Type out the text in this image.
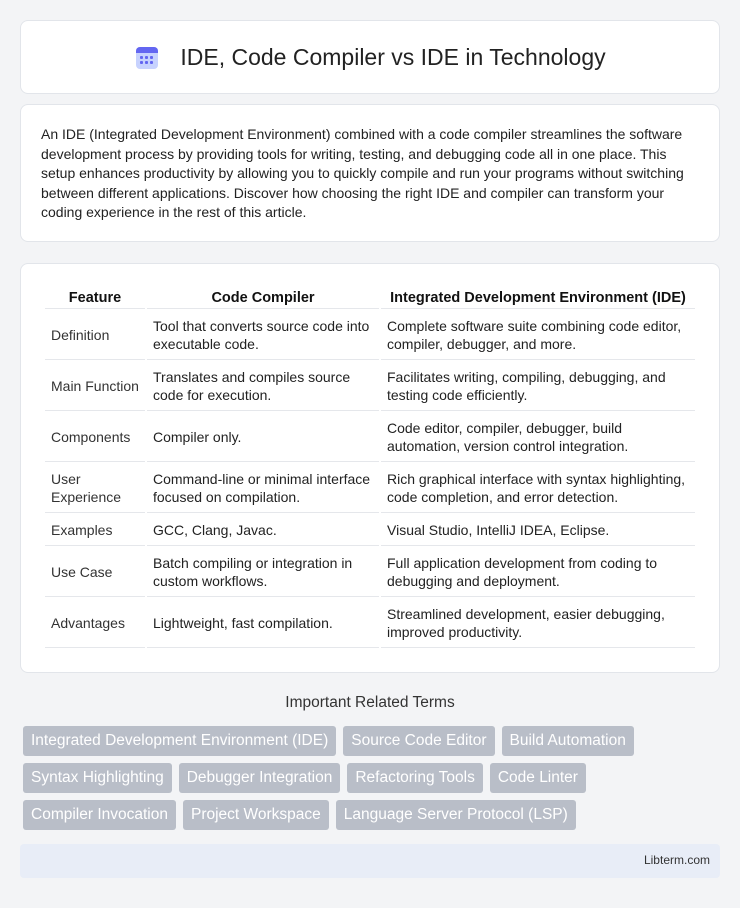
IDE, Code Compiler vs IDE in Technology

An IDE (Integrated Development Environment) combined with a code compiler streamlines the software development process by providing tools for writing, testing, and debugging code all in one place. This setup enhances productivity by allowing you to quickly compile and run your programs without switching between different applications. Discover how choosing the right IDE and compiler can transform your coding experience in the rest of this article.

Feature	Code Compiler	Integrated Development Environment (IDE)
Definition	Tool that converts source code into executable code.	Complete software suite combining code editor, compiler, debugger, and more.
Main Function	Translates and compiles source code for execution.	Facilitates writing, compiling, debugging, and testing code efficiently.
Components	Compiler only.	Code editor, compiler, debugger, build automation, version control integration.
User Experience	Command-line or minimal interface focused on compilation.	Rich graphical interface with syntax highlighting, code completion, and error detection.
Examples	GCC, Clang, Javac.	Visual Studio, IntelliJ IDEA, Eclipse.
Use Case	Batch compiling or integration in custom workflows.	Full application development from coding to debugging and deployment.
Advantages	Lightweight, fast compilation.	Streamlined development, easier debugging, improved productivity.
Important Related Terms
Integrated Development Environment (IDE)	Source Code Editor	Build Automation
Syntax Highlighting	Debugger Integration	Refactoring Tools	Code Linter
Compiler Invocation	Project Workspace	Language Server Protocol (LSP)
Libterm.com
